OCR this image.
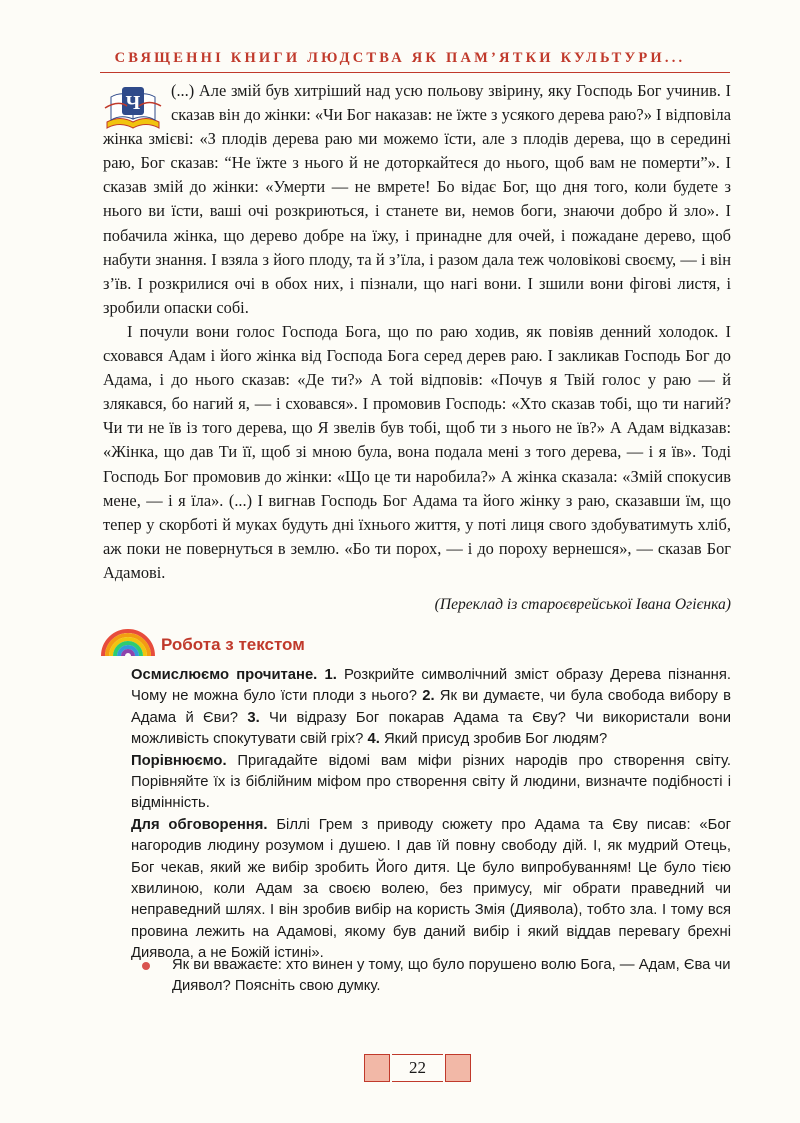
СВЯЩЕННІ КНИГИ ЛЮДСТВА ЯК ПАМ’ЯТКИ КУЛЬТУРИ...
Ч

(...) Але змій був хитріший над усю польову звірину, яку Господь Бог учинив. І сказав він до жінки: «Чи Бог наказав: не їжте з усякого дерева раю?» І відповіла жінка змієві: «З плодів дерева раю ми можемо їсти, але з плодів дерева, що в середині раю, Бог сказав: “Не їжте з нього й не доторкайтеся до нього, щоб вам не померти”». І сказав змій до жінки: «Умерти — не вмрете! Бо відає Бог, що дня того, коли будете з нього ви їсти, ваші очі розкриються, і станете ви, немов боги, знаючи добро й зло». І побачила жінка, що дерево добре на їжу, і принадне для очей, і пожадане дерево, щоб набути знання. І взяла з його плоду, та й з’їла, і разом дала теж чоловікові своєму, — і він з’їв. І розкрилися очі в обох них, і пізнали, що нагі вони. І зшили вони фігові листя, і зробили опаски собі.

І почули вони голос Господа Бога, що по раю ходив, як повіяв денний холодок. І сховався Адам і його жінка від Господа Бога серед дерев раю. І закликав Господь Бог до Адама, і до нього сказав: «Де ти?» А той відповів: «Почув я Твій голос у раю — й злякався, бо нагий я, — і сховався». І промовив Господь: «Хто сказав тобі, що ти нагий? Чи ти не їв із того дерева, що Я звелів був тобі, щоб ти з нього не їв?» А Адам відказав: «Жінка, що дав Ти її, щоб зі мною була, вона подала мені з того дерева, — і я їв». Тоді Господь Бог промовив до жінки: «Що це ти наробила?» А жінка сказала: «Змій спокусив мене, — і я їла». (...) І вигнав Господь Бог Адама та його жінку з раю, сказавши їм, що тепер у скорботі й муках будуть дні їхнього життя, у поті лиця свого здобуватимуть хліб, аж поки не повернуться в землю. «Бо ти порох, — і до пороху вернешся», — сказав Бог Адамові.

(Переклад із староєврейської Івана Огієнка)

Робота з текстом

Осмислюємо прочитане. 1. Розкрийте символічний зміст образу Дерева пізнання. Чому не можна було їсти плоди з нього? 2. Як ви думаєте, чи була свобода вибору в Адама й Єви? 3. Чи відразу Бог покарав Адама та Єву? Чи використали вони можливість спокутувати свій гріх? 4. Який присуд зробив Бог людям?

Порівнюємо. Пригадайте відомі вам міфи різних народів про створення світу. Порівняйте їх із біблійним міфом про створення світу й людини, визначте подібності і відмінність.

Для обговорення. Біллі Грем з приводу сюжету про Адама та Єву писав: «Бог нагородив людину розумом і душею. І дав їй повну свободу дій. І, як мудрий Отець, Бог чекав, який же вибір зробить Його дитя. Це було випробуванням! Це було тією хвилиною, коли Адам за своєю волею, без примусу, міг обрати праведний чи неправедний шлях. І він зробив вибір на користь Змія (Диявола), тобто зла. І тому вся провина лежить на Адамові, якому був даний вибір і який віддав перевагу брехні Диявола, а не Божій істині».

Як ви вважаєте: хто винен у тому, що було порушено волю Бога, — Адам, Єва чи Диявол? Поясніть свою думку.
22
